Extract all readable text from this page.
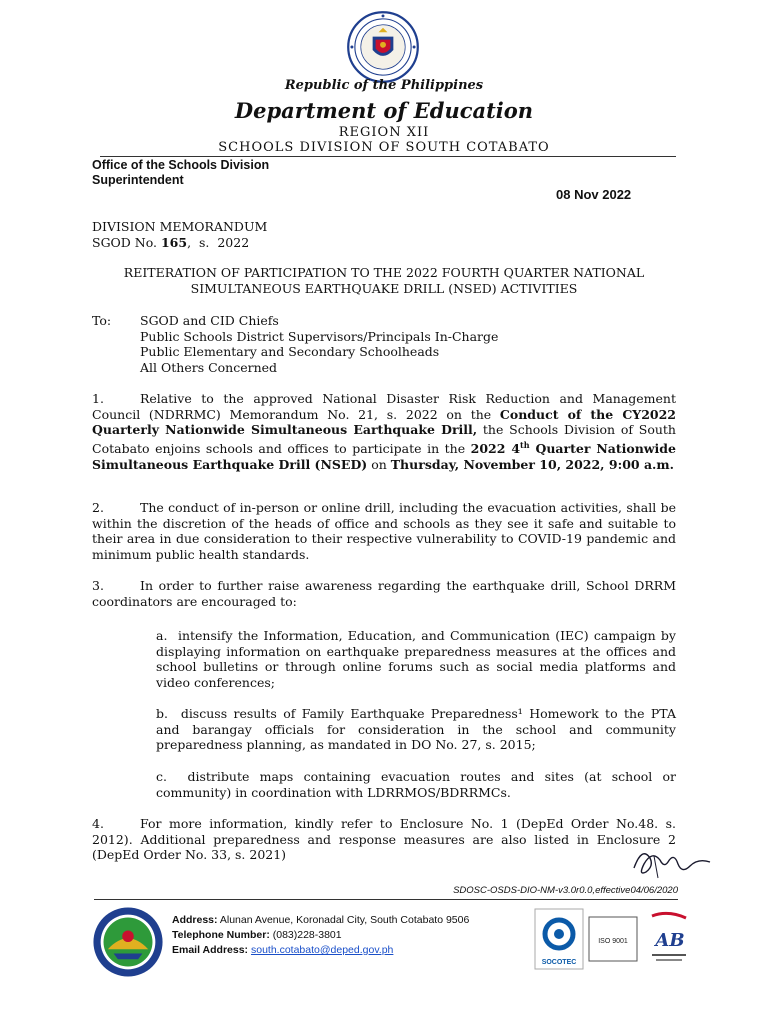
Republic of the Philippines
Department of Education
REGION XII
SCHOOLS DIVISION OF SOUTH COTABATO
Office of the Schools Division
Superintendent
08 Nov 2022
DIVISION MEMORANDUM
SGOD No. 165,  s.  2022
REITERATION OF PARTICIPATION TO THE 2022 FOURTH QUARTER NATIONAL
SIMULTANEOUS EARTHQUAKE DRILL (NSED) ACTIVITIES
To: SGOD and CID Chiefs
Public Schools District Supervisors/Principals In-Charge
Public Elementary and Secondary Schoolheads
All Others Concerned
1.	Relative to the approved National Disaster Risk Reduction and Management Council (NDRRMC) Memorandum No. 21, s. 2022 on the Conduct of the CY2022 Quarterly Nationwide Simultaneous Earthquake Drill, the Schools Division of South Cotabato enjoins schools and offices to participate in the 2022 4th Quarter Nationwide Simultaneous Earthquake Drill (NSED) on Thursday, November 10, 2022, 9:00 a.m.
2.	The conduct of in-person or online drill, including the evacuation activities, shall be within the discretion of the heads of office and schools as they see it safe and suitable to their area in due consideration to their respective vulnerability to COVID-19 pandemic and minimum public health standards.
3.	In order to further raise awareness regarding the earthquake drill, School DRRM coordinators are encouraged to:
a. intensify the Information, Education, and Communication (IEC) campaign by displaying information on earthquake preparedness measures at the offices and school bulletins or through online forums such as social media platforms and video conferences;
b. discuss results of Family Earthquake Preparedness¹ Homework to the PTA and barangay officials for consideration in the school and community preparedness planning, as mandated in DO No. 27, s. 2015;
c. distribute maps containing evacuation routes and sites (at school or community) in coordination with LDRRMOS/BDRRMCs.
4.	For more information, kindly refer to Enclosure No. 1 (DepEd Order No.48. s. 2012). Additional preparedness and response measures are also listed in Enclosure 2 (DepEd Order No. 33, s. 2021)
SDOSC-OSDS-DIO-NM-v3.0r0.0,effective04/06/2020
Address: Alunan Avenue, Koronadal City, South Cotabato 9506
Telephone Number: (083)228-3801
Email Address: south.cotabato@deped.gov.ph
SOCOTEC
ISO 9001 AB
